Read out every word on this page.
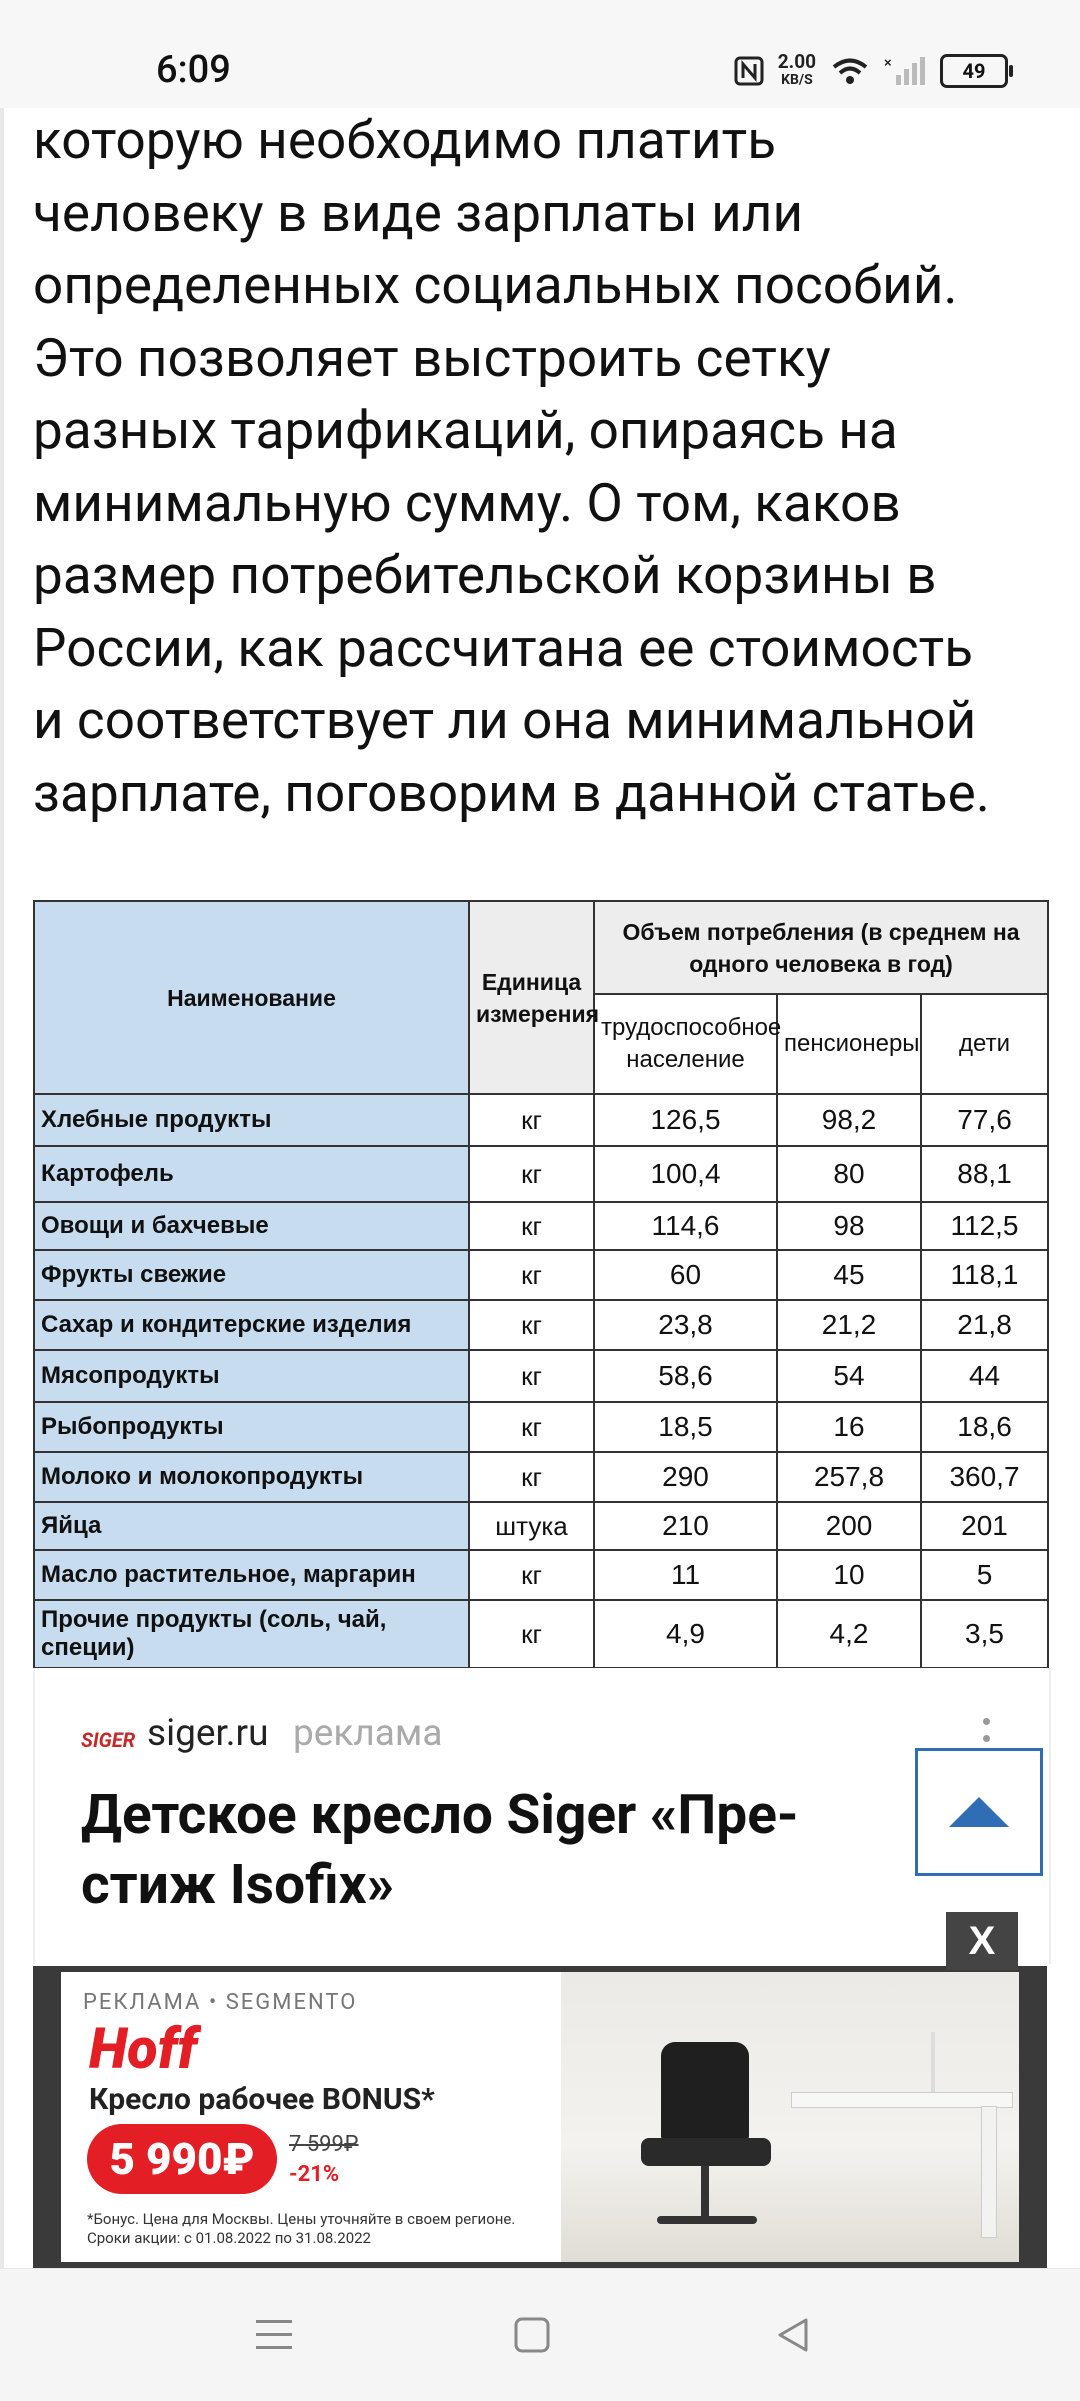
6:09	2.00
KB/S
×	49

которую необходимо платить

человеку в виде зарплаты или

определенных социальных пособий.

Это позволяет выстроить сетку

разных тарификаций, опираясь на

минимальную сумму. О том, каков

размер потребительской корзины в

России, как рассчитана ее стоимость

и соответствует ли она минимальной

зарплате, поговорим в данной статье.

Наименование	Единица измерения	Объем потребления (в среднем на одного человека в год)		
		трудоспособное население	пенсионеры	дети
Хлебные продукты	кг	126,5	98,2	77,6
Картофель	кг	100,4	80	88,1
Овощи и бахчевые	кг	114,6	98	112,5
Фрукты свежие	кг	60	45	118,1
Сахар и кондитерские изделия	кг	23,8	21,2	21,8
Мясопродукты	кг	58,6	54	44
Рыбопродукты	кг	18,5	16	18,6
Молоко и молокопродукты	кг	290	257,8	360,7
Яйца	штука	210	200	201
Масло растительное, маргарин	кг	11	10	5
Прочие продукты (соль, чай, специи)	кг	4,9	4,2	3,5
SIGER siger.ru реклама
Детское кресло Siger «Пре-стиж Isofix»
РЕКЛАМА • SEGMENTO
Hoff
Кресло рабочее BONUS*
5 990₽	7 599₽
-21%
*Бонус. Цена для Москвы. Цены уточняйте в своем регионе. Сроки акции: с 01.08.2022 по 31.08.2022
X
